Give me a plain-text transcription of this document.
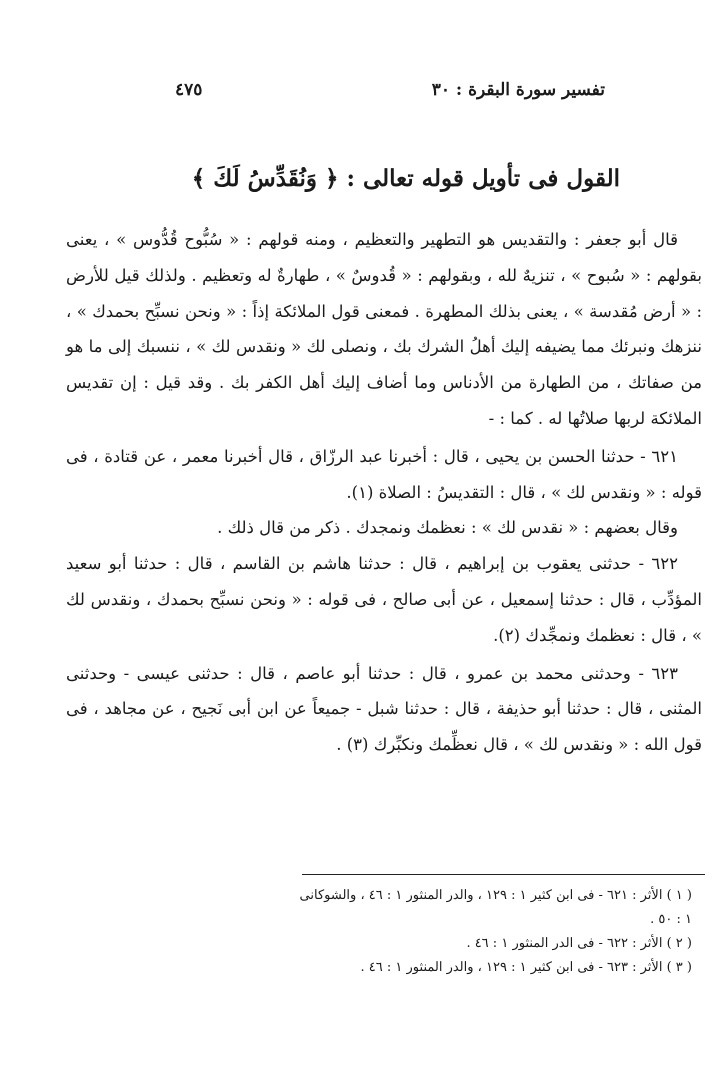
تفسير سورة البقرة : ٣٠
٤٧٥
القول فى تأويل قوله تعالى : ﴿ وَنُقَدِّسُ لَكَ ﴾

قال أبو جعفر : والتقديس هو التطهير والتعظيم ، ومنه قولهم : « سُبُّوح قُدُّوس » ، يعنى بقولهم : « سُبوح » ، تنزيهٌ لله ، وبقولهم : « قُدوسٌ » ، طهارةٌ له وتعظيم . ولذلك قيل للأرض : « أرض مُقدسة » ، يعنى بذلك المطهرة . فمعنى قول الملائكة إذاً : « ونحن نسبِّح بحمدك » ، ننزهك ونبرئك مما يضيفه إليك أهلُ الشرك بك ، ونصلى لك « ونقدس لك » ، ننسبك إلى ما هو من صفاتك ، من الطهارة من الأدناس وما أضاف إليك أهل الكفر بك . وقد قيل : إن تقديس الملائكة لربها صلاتُها له . كما : -

٦٢١ - حدثنا الحسن بن يحيى ، قال : أخبرنا عبد الرزّاق ، قال أخبرنا معمر ، عن قتادة ، فى قوله : « ونقدس لك » ، قال : التقديسُ : الصلاة (١).

وقال بعضهم : « نقدس لك » : نعظمك ونمجدك . ذكر من قال ذلك .

٦٢٢ - حدثنى يعقوب بن إبراهيم ، قال : حدثنا هاشم بن القاسم ، قال : حدثنا أبو سعيد المؤدِّب ، قال : حدثنا إسمعيل ، عن أبى صالح ، فى قوله : « ونحن نسبِّح بحمدك ، ونقدس لك » ، قال : نعظمك ونمجِّدك (٢).

٦٢٣ - وحدثنى محمد بن عمرو ، قال : حدثنا أبو عاصم ، قال : حدثنى عيسى - وحدثنى المثنى ، قال : حدثنا أبو حذيفة ، قال : حدثنا شبل - جميعاً عن ابن أبى نَجيح ، عن مجاهد ، فى قول الله : « ونقدس لك » ، قال نعظِّمك ونكبِّرك (٣) .

( ١ ) الأثر : ٦٢١ - فى ابن كثير ١ : ١٢٩ ، والدر المنثور ١ : ٤٦ ، والشوكانى
١ : ٥٠ .
( ٢ ) الأثر : ٦٢٢ - فى الدر المنثور ١ : ٤٦ .
( ٣ ) الأثر : ٦٢٣ - فى ابن كثير ١ : ١٢٩ ، والدر المنثور ١ : ٤٦ .
